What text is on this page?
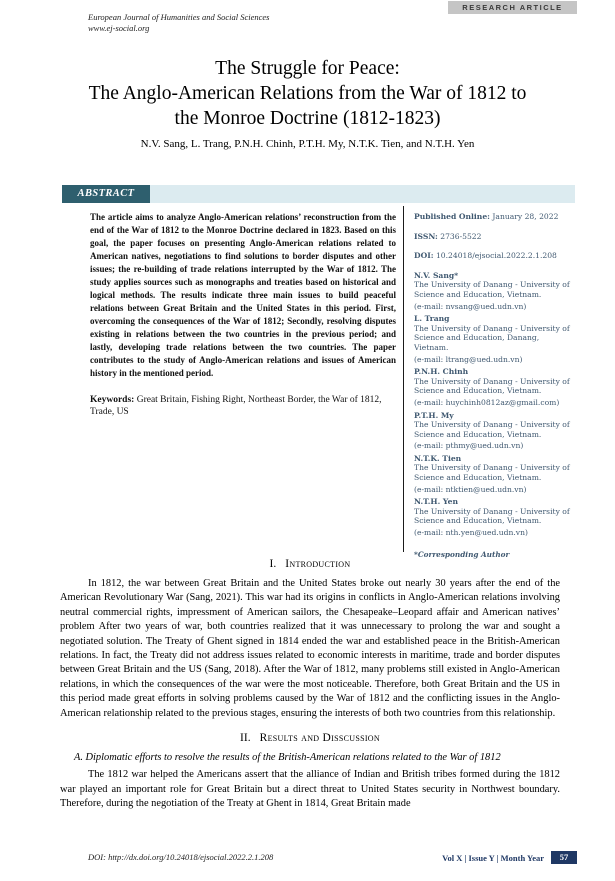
European Journal of Humanities and Social Sciences
www.ej-social.org
RESEARCH ARTICLE
The Struggle for Peace:
The Anglo-American Relations from the War of 1812 to
the Monroe Doctrine (1812-1823)
N.V. Sang, L. Trang, P.N.H. Chinh, P.T.H. My, N.T.K. Tien, and N.T.H. Yen
ABSTRACT
The article aims to analyze Anglo-American relations’ reconstruction from the end of the War of 1812 to the Monroe Doctrine declared in 1823. Based on this goal, the paper focuses on presenting Anglo-American relations related to American natives, negotiations to find solutions to border disputes and other issues; the re-building of trade relations interrupted by the War of 1812. The study applies sources such as monographs and treaties based on historical and logical methods. The results indicate three main issues to build peaceful relations between Great Britain and the United States in this period. First, overcoming the consequences of the War of 1812; Secondly, resolving disputes existing in relations between the two countries in the previous period; and lastly, developing trade relations between the two countries. The paper contributes to the study of Anglo-American relations and issues of American history in the mentioned period.
Keywords: Great Britain, Fishing Right, Northeast Border, the War of 1812, Trade, US
Published Online: January 28, 2022
ISSN: 2736-5522
DOI: 10.24018/ejsocial.2022.2.1.208
N.V. Sang*
The University of Danang - University of Science and Education, Vietnam.
(e-mail: nvsang@ued.udn.vn)
L. Trang
The University of Danang - University of Science and Education, Danang, Vietnam.
(e-mail: ltrang@ued.udn.vn)
P.N.H. Chinh
The University of Danang - University of Science and Education, Vietnam.
(e-mail: huychinh0812az@gmail.com)
P.T.H. My
The University of Danang - University of Science and Education, Vietnam.
(e-mail: pthmy@ued.udn.vn)
N.T.K. Tien
The University of Danang - University of Science and Education, Vietnam.
(e-mail: ntktien@ued.udn.vn)
N.T.H. Yen
The University of Danang - University of Science and Education, Vietnam.
(e-mail: nth.yen@ued.udn.vn)
*Corresponding Author
I. Introduction
In 1812, the war between Great Britain and the United States broke out nearly 30 years after the end of the American Revolutionary War (Sang, 2021). This war had its origins in conflicts in Anglo-American relations involving neutral commercial rights, impressment of American sailors, the Chesapeake–Leopard affair and American natives’ problem After two years of war, both countries realized that it was unnecessary to prolong the war and sought a negotiated solution. The Treaty of Ghent signed in 1814 ended the war and established peace in the British-American relations. In fact, the Treaty did not address issues related to economic interests in maritime, trade and border disputes between Great Britain and the US (Sang, 2018). After the War of 1812, many problems still existed in Anglo-American relations, in which the consequences of the war were the most noticeable. Therefore, both Great Britain and the US in this period made great efforts in solving problems caused by the War of 1812 and the conflicting issues in the Anglo-American relationship related to the previous stages, ensuring the interests of both two countries from this relationship.
II. Results and Disscussion
A. Diplomatic efforts to resolve the results of the British-American relations related to the War of 1812
The 1812 war helped the Americans assert that the alliance of Indian and British tribes formed during the 1812 war played an important role for Great Britain but a direct threat to United States security in Northwest boundary. Therefore, during the negotiation of the Treaty at Ghent in 1814, Great Britain made
DOI: http://dx.doi.org/10.24018/ejsocial.2022.2.1.208	Vol X | Issue Y | Month Year	57
